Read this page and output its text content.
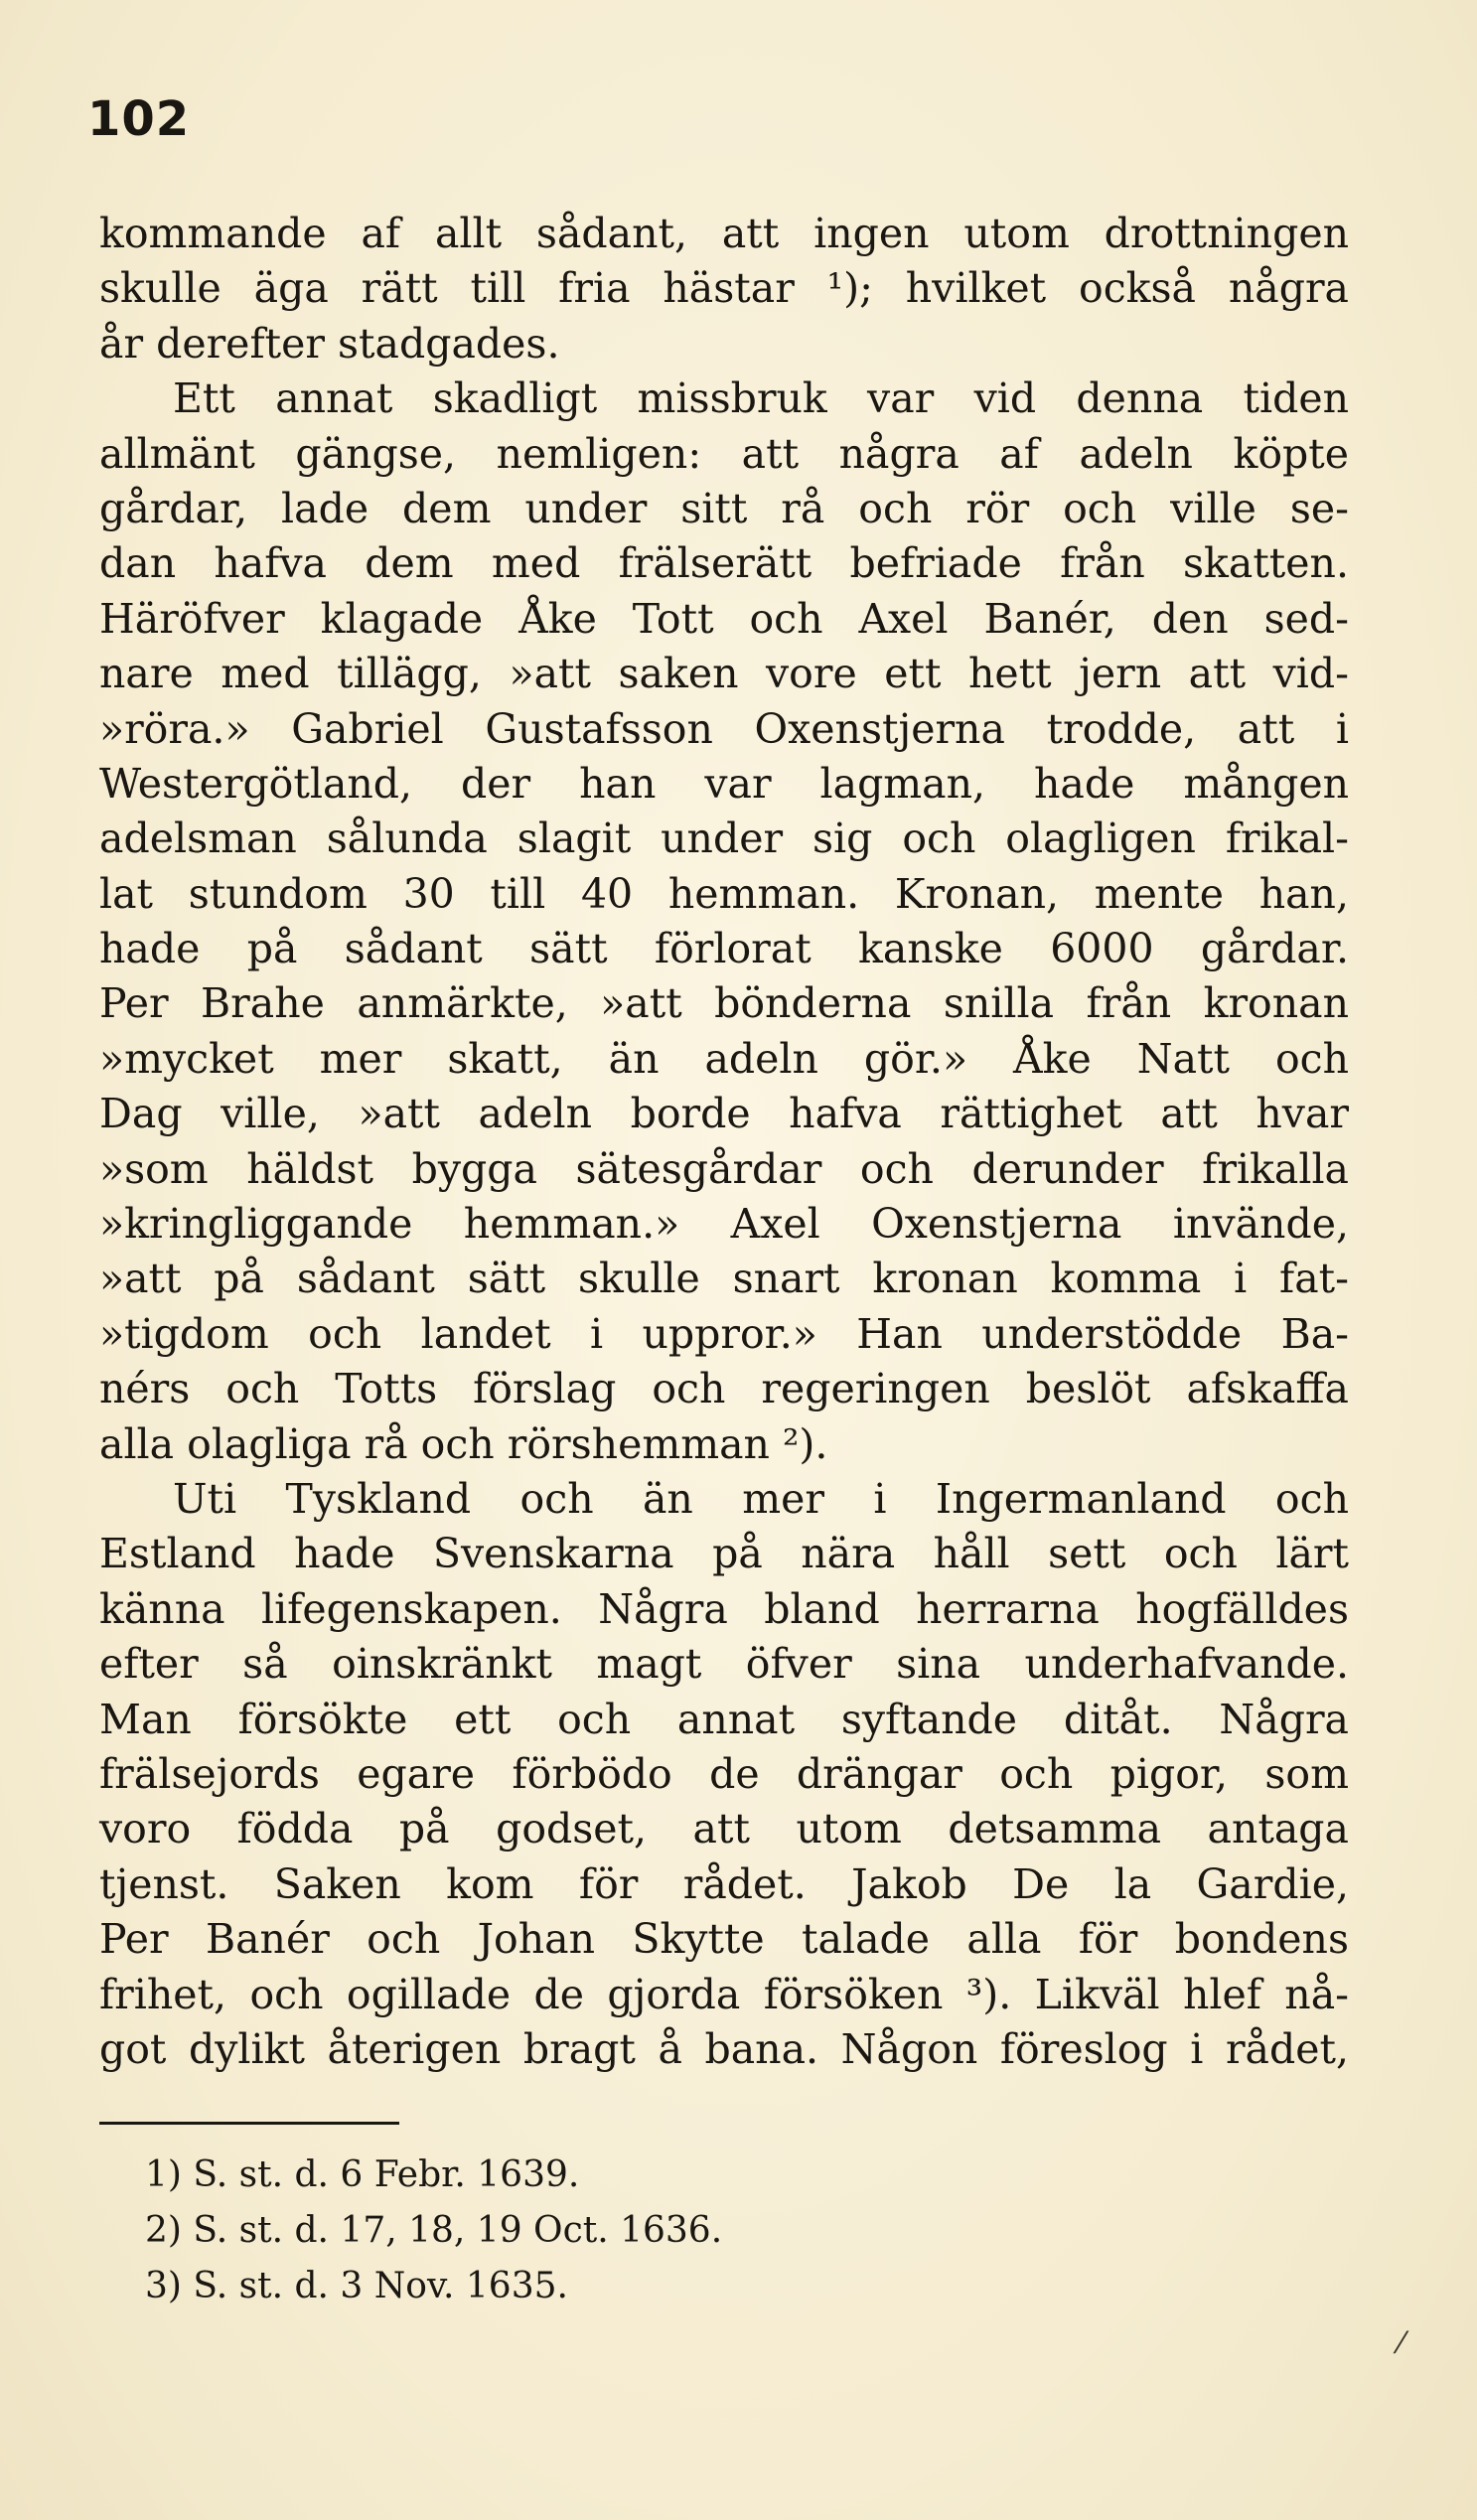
102
kommande af allt sådant, att ingen utom drottningen
skulle äga rätt till fria hästar ¹); hvilket också några
år derefter stadgades.
Ett annat skadligt missbruk var vid denna tiden
allmänt gängse, nemligen: att några af adeln köpte
gårdar, lade dem under sitt rå och rör och ville se-
dan hafva dem med frälserätt befriade från skatten.
Häröfver klagade Åke Tott och Axel Banér, den sed-
nare med tillägg, »att saken vore ett hett jern att vid-
»röra.» Gabriel Gustafsson Oxenstjerna trodde, att i
Westergötland, der han var lagman, hade mången
adelsman sålunda slagit under sig och olagligen frikal-
lat stundom 30 till 40 hemman. Kronan, mente han,
hade på sådant sätt förlorat kanske 6000 gårdar.
Per Brahe anmärkte, »att bönderna snilla från kronan
»mycket mer skatt, än adeln gör.» Åke Natt och
Dag ville, »att adeln borde hafva rättighet att hvar
»som häldst bygga sätesgårdar och derunder frikalla
»kringliggande hemman.» Axel Oxenstjerna invände,
»att på sådant sätt skulle snart kronan komma i fat-
»tigdom och landet i uppror.» Han understödde Ba-
nérs och Totts förslag och regeringen beslöt afskaffa
alla olagliga rå och rörshemman ²).
Uti Tyskland och än mer i Ingermanland och
Estland hade Svenskarna på nära håll sett och lärt
känna lifegenskapen. Några bland herrarna hogfälldes
efter så oinskränkt magt öfver sina underhafvande.
Man försökte ett och annat syftande ditåt. Några
frälsejords egare förbödo de drängar och pigor, som
voro födda på godset, att utom detsamma antaga
tjenst. Saken kom för rådet. Jakob De la Gardie,
Per Banér och Johan Skytte talade alla för bondens
frihet, och ogillade de gjorda försöken ³). Likväl hlef nå-
got dylikt återigen bragt å bana. Någon föreslog i rådet,
1) S. st. d. 6 Febr. 1639.
2) S. st. d. 17, 18, 19 Oct. 1636.
3) S. st. d. 3 Nov. 1635.
⁄
